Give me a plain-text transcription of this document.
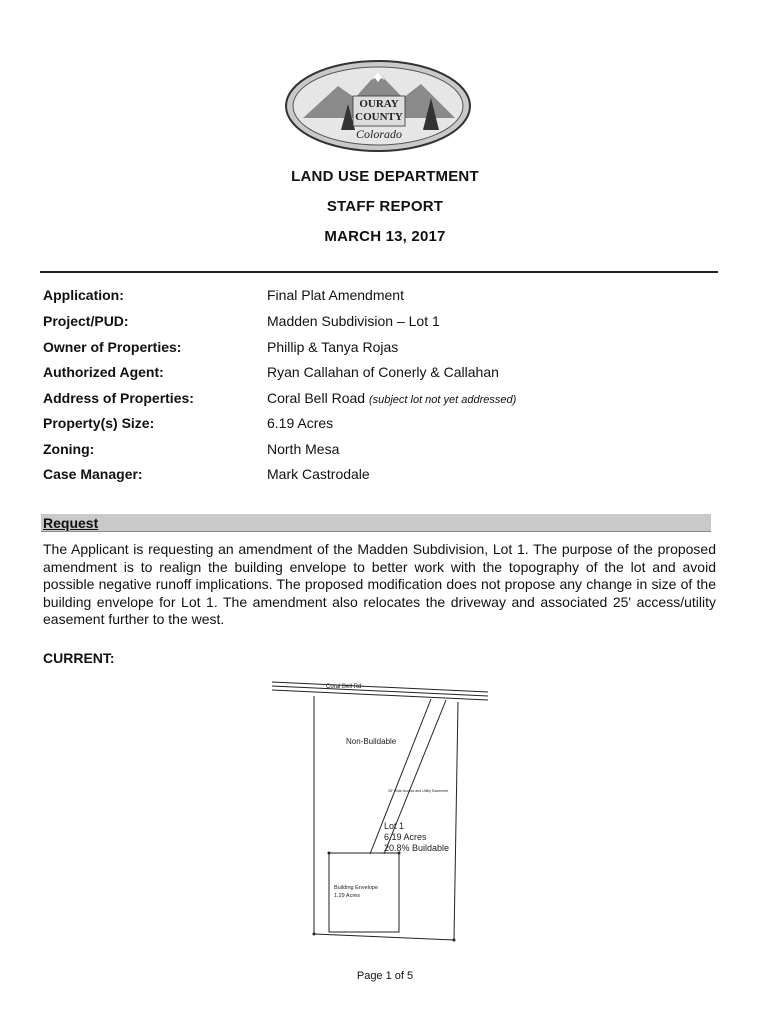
OURAY
COUNTY
Colorado
LAND USE DEPARTMENT
STAFF REPORT
MARCH 13, 2017
Application:	Final Plat Amendment
Project/PUD:	Madden Subdivision – Lot 1
Owner of Properties:	Phillip & Tanya Rojas
Authorized Agent:	Ryan Callahan of Conerly & Callahan
Address of Properties:	Coral Bell Road (subject lot not yet addressed)
Property(s) Size:	6.19 Acres
Zoning:	North Mesa
Case Manager:	Mark Castrodale
Request
The Applicant is requesting an amendment of the Madden Subdivision, Lot 1. The purpose of the proposed amendment is to realign the building envelope to better work with the topography of the lot and avoid possible negative runoff implications. The proposed modification does not propose any change in size of the building envelope for Lot 1. The amendment also relocates the driveway and associated 25' access/utility easement further to the west.
CURRENT:
Coral Bell Rd
Non-Buildable
25' Wide Access and Utility Easement
Lot 1
6.19 Acres
20.8% Buildable
Building Envelope
1.29 Acres
Page 1 of 5
